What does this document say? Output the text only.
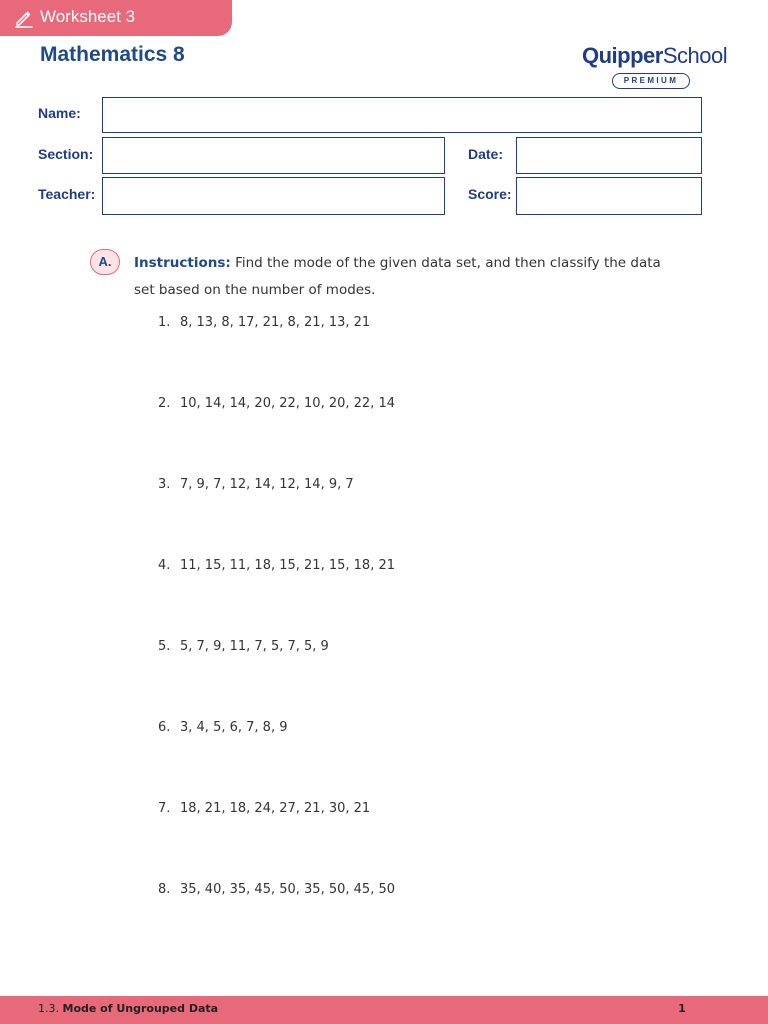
Worksheet 3
Mathematics 8	QuipperSchool
PREMIUM
Name:
Section:	Date:
Teacher:	Score:
A.	Instructions: Find the mode of the given data set, and then classify the data set based on the number of modes.
1. 8, 13, 8, 17, 21, 8, 21, 13, 21
2. 10, 14, 14, 20, 22, 10, 20, 22, 14
3. 7, 9, 7, 12, 14, 12, 14, 9, 7
4. 11, 15, 11, 18, 15, 21, 15, 18, 21
5. 5, 7, 9, 11, 7, 5, 7, 5, 9
6. 3, 4, 5, 6, 7, 8, 9
7. 18, 21, 18, 24, 27, 21, 30, 21
8. 35, 40, 35, 45, 50, 35, 50, 45, 50
1.3. Mode of Ungrouped Data	1
